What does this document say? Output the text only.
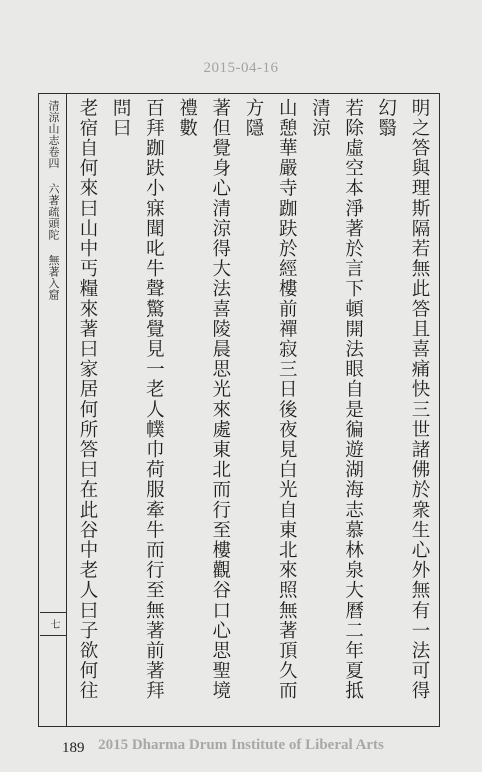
2015-04-16
清涼山志卷四六著疏頭陀無著入窟
七	明之答與理斯隔若無此答且喜痛快三世諸佛於衆生心外無有一法可得幻翳
若除虛空本淨著於言下頓開法眼自是徧遊湖海志慕林泉大曆二年夏抵清涼
山憩華嚴寺跏趺於經樓前禪寂三日後夜見白光自東北來照無著頂久而方隱
著但覺身心清涼得大法喜陵晨思光來處東北而行至樓觀谷口心思聖境禮數
百拜跏趺小寐聞叱牛聲驚覺見一老人幞巾荷服牽牛而行至無著前著拜問曰
老宿自何來曰山中丐糧來著曰家居何所答曰在此谷中老人曰子欲何往
189 2015 Dharma Drum Institute of Liberal Arts
